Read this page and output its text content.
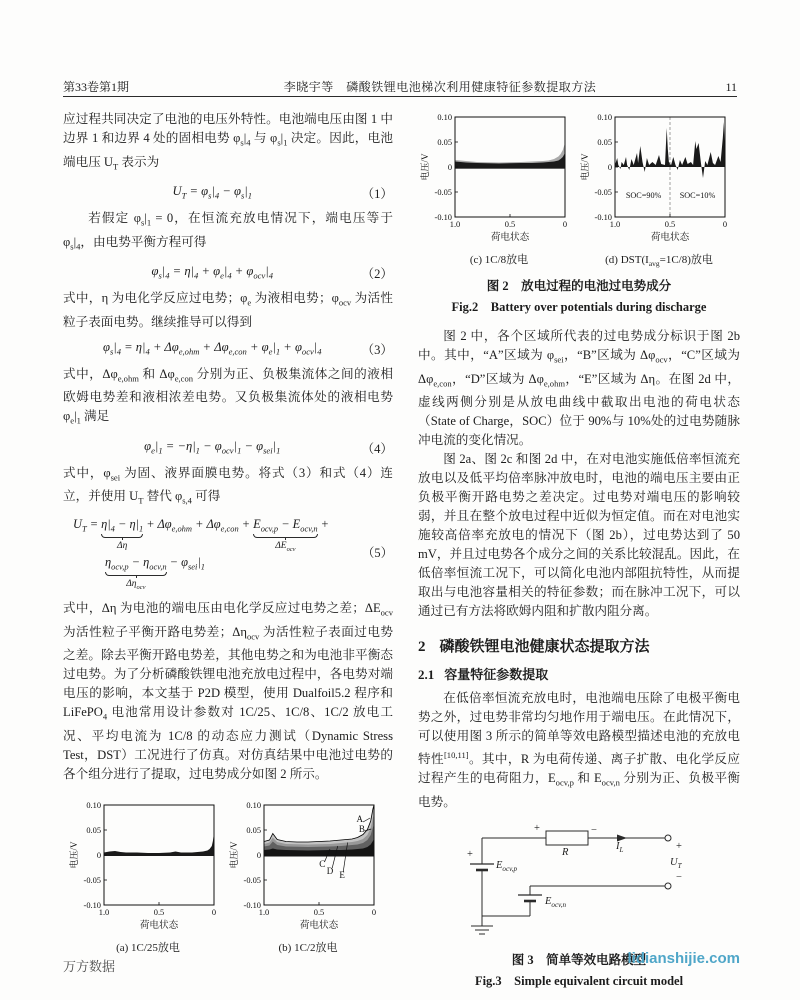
第33卷第1期	李晓宇等　磷酸铁锂电池梯次利用健康特征参数提取方法	11

应过程共同决定了电池的电压外特性。电池端电压由图 1 中边界 1 和边界 4 处的固相电势 $\varphi_s|_4$ 与 $\varphi_s|_1$ 决定。因此，电池端电压 $U_T$ 表示为

$U_T = \varphi_s|_4 - \varphi_s|_1$	（1）

若假定 $\varphi_s|_1 = 0$，在恒流充放电情况下，端电压等于 $\varphi_s|_4$，由电势平衡方程可得

$\varphi_s|_4 = \eta|_4 + \varphi_e|_4 + \varphi_{ocv}|_4$	（2）

式中，η 为电化学反应过电势；$\varphi_e$ 为液相电势；$\varphi_{ocv}$ 为活性粒子表面电势。继续推导可以得到

$\varphi_s|_4 = \eta|_4 + \Delta\varphi_{e,ohm} + \Delta\varphi_{e,con} + \varphi_e|_1 + \varphi_{ocv}|_4$	（3）

式中，$\Delta\varphi_{e,ohm}$ 和 $\Delta\varphi_{e,con}$ 分别为正、负极集流体之间的液相欧姆电势差和液相浓差电势。又负极集流体处的液相电势 $\varphi_e|_1$ 满足

$\varphi_e|_1 = -\eta|_1 - \varphi_{ocv}|_1 - \varphi_{sei}|_1$	（4）

式中，$\varphi_{sei}$ 为固、液界面膜电势。将式（3）和式（4）连立，并使用 $U_T$ 替代 $\varphi_{s,4}$ 可得

$U_T = \eta|_4 - \eta|_1$
Δη
+ $\Delta\varphi_{e,ohm} + \Delta\varphi_{e,con} + E_{ocv,p} - E_{ocv,n}$
$\Delta E_{ocv}$
+
$\eta_{ocv,p} - \eta_{ocv,n}$
$\Delta\eta_{ocv}$
− $\varphi_{sei}|_1$
（5）

式中，Δη 为电池的端电压由电化学反应过电势之差；$\Delta E_{ocv}$ 为活性粒子平衡开路电势差；$\Delta\eta_{ocv}$ 为活性粒子表面过电势之差。除去平衡开路电势差，其他电势之和为电池非平衡态过电势。为了分析磷酸铁锂电池充放电过程中，各电势对端电压的影响，本文基于 P2D 模型，使用 Dualfoil5.2 程序和 LiFePO$_4$ 电池常用设计参数对 1C/25、1C/8、1C/2 放电工况、平均电流为 1C/8 的动态应力测试（Dynamic Stress Test，DST）工况进行了仿真。对仿真结果中电池过电势的各个组分进行了提取，过电势成分如图 2 所示。

0.10
0.05
0
-0.05
-0.10
1.0	0.5	0
电压/V
荷电状态
(a) 1C/25放电
0.10
0.05
0
-0.05
-0.10
1.0	0.5	0
电压/V
荷电状态
A
B
C
D E
(b) 1C/2放电
0.10
0.05
0
-0.05
-0.10
1.0	0.5	0
电压/V
荷电状态
(c) 1C/8放电
0.10
0.05
0
-0.05
-0.10
1.0	0.5	0
电压/V
荷电状态
SOC=90% SOC=10%
(d) $DST(I_{avg}=1C/8)$放电
图 2　放电过程的电池过电势成分
Fig.2　Battery over potentials during discharge

图 2 中，各个区域所代表的过电势成分标识于图 2b 中。其中，“A”区域为 $\varphi_{sei}$，“B”区域为 $\Delta\varphi_{ocv}$，“C”区域为 $\Delta\varphi_{e,con}$，“D”区域为 $\Delta\varphi_{e,ohm}$，“E”区域为 Δη。在图 2d 中，虚线两侧分别是从放电曲线中截取出电池的荷电状态（State of Charge，SOC）位于 90%与 10%处的过电势随脉冲电流的变化情况。

图 2a、图 2c 和图 2d 中，在对电池实施低倍率恒流充放电以及低平均倍率脉冲放电时，电池的端电压主要由正负极平衡开路电势之差决定。过电势对端电压的影响较弱，并且在整个放电过程中近似为恒定值。而在对电池实施较高倍率充放电的情况下（图 2b），过电势达到了 50 mV，并且过电势各个成分之间的关系比较混乱。因此，在低倍率恒流工况下，可以简化电池内部阻抗特性，从而提取出与电池容量相关的特征参数；而在脉冲工况下，可以通过已有方法将欧姆内阻和扩散内阻分离。

2 磷酸铁锂电池健康状态提取方法
2.1 容量特征参数提取

在低倍率恒流充放电时，电池端电压除了电极平衡电势之外，过电势非常均匀地作用于端电压。在此情况下，可以使用图 3 所示的简单等效电路模型描述电池的充放电特性[10,11]。其中，R 为电荷传递、离子扩散、电化学反应过程产生的电荷阻力，$E_{ocv,p}$ 和 $E_{ocv,n}$ 分别为正、负极平衡电势。

+
$E_{ocv,p}$
+	−
R
$I_L$	+
$U_T$
−
$E_{ocv,n}$
图 3　简单等效电路模型
Fig.3　Simple equivalent circuit model
万方数据	lidianshijie.com
